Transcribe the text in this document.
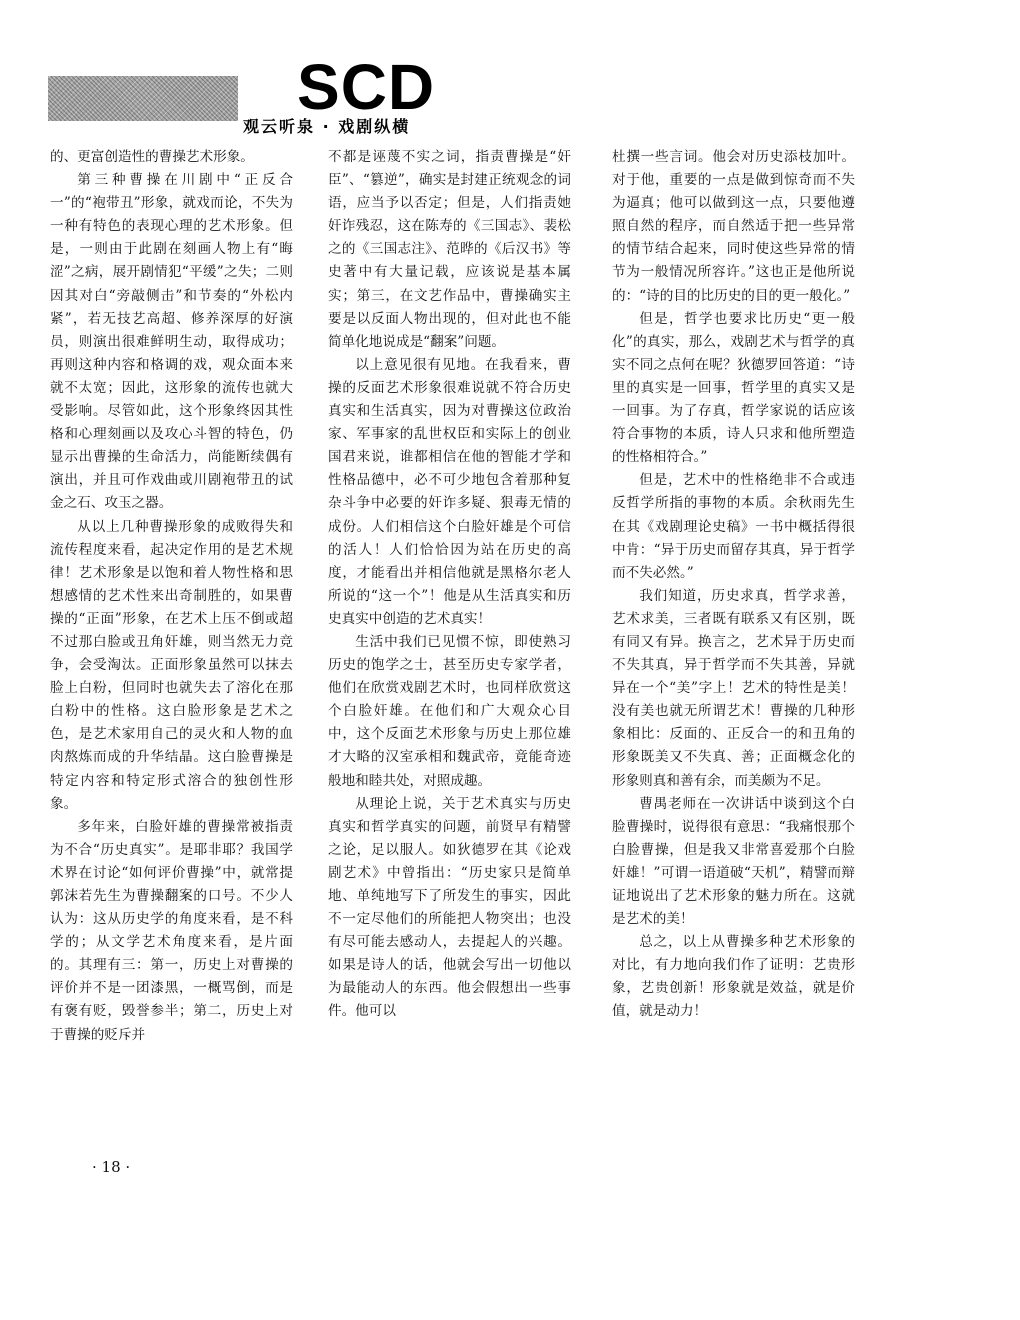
SCD
观云听泉 · 戏剧纵横

的、更富创造性的曹操艺术形象。

第三种曹操在川剧中“正反合一”的“袍带丑”形象，就戏而论，不失为一种有特色的表现心理的艺术形象。但是，一则由于此剧在刻画人物上有“晦涩”之病，展开剧情犯“平缓”之失；二则因其对白“旁敲侧击”和节奏的“外松内紧”，若无技艺高超、修养深厚的好演员，则演出很难鲜明生动，取得成功；再则这种内容和格调的戏，观众面本来就不太宽；因此，这形象的流传也就大受影响。尽管如此，这个形象终因其性格和心理刻画以及攻心斗智的特色，仍显示出曹操的生命活力，尚能断续偶有演出，并且可作戏曲或川剧袍带丑的试金之石、攻玉之器。

从以上几种曹操形象的成败得失和流传程度来看，起决定作用的是艺术规律！艺术形象是以饱和着人物性格和思想感情的艺术性来出奇制胜的，如果曹操的“正面”形象，在艺术上压不倒或超不过那白脸或丑角奸雄，则当然无力竞争，会受淘汰。正面形象虽然可以抹去脸上白粉，但同时也就失去了溶化在那白粉中的性格。这白脸形象是艺术之色，是艺术家用自己的灵火和人物的血肉熬炼而成的升华结晶。这白脸曹操是特定内容和特定形式溶合的独创性形象。

多年来，白脸奸雄的曹操常被指责为不合“历史真实”。是耶非耶？我国学术界在讨论“如何评价曹操”中，就常提郭沫若先生为曹操翻案的口号。不少人认为：这从历史学的角度来看，是不科学的；从文学艺术角度来看，是片面的。其理有三：第一，历史上对曹操的评价并不是一团漆黑，一概骂倒，而是有褒有贬，毁誉参半；第二，历史上对于曹操的贬斥并

不都是诬蔑不实之词，指责曹操是“奸臣”、“篡逆”，确实是封建正统观念的词语，应当予以否定；但是，人们指责她奸诈残忍，这在陈寿的《三国志》、裴松之的《三国志注》、范晔的《后汉书》等史著中有大量记载，应该说是基本属实；第三，在文艺作品中，曹操确实主要是以反面人物出现的，但对此也不能简单化地说成是“翻案”问题。

以上意见很有见地。在我看来，曹操的反面艺术形象很难说就不符合历史真实和生活真实，因为对曹操这位政治家、军事家的乱世权臣和实际上的创业国君来说，谁都相信在他的智能才学和性格品德中，必不可少地包含着那种复杂斗争中必要的奸诈多疑、狠毒无情的成份。人们相信这个白脸奸雄是个可信的活人！人们恰恰因为站在历史的高度，才能看出并相信他就是黑格尔老人所说的“这一个”！他是从生活真实和历史真实中创造的艺术真实！

生活中我们已见惯不惊，即使熟习历史的饱学之士，甚至历史专家学者，他们在欣赏戏剧艺术时，也同样欣赏这个白脸奸雄。在他们和广大观众心目中，这个反面艺术形象与历史上那位雄才大略的汉室承相和魏武帝，竟能奇迹般地和睦共处，对照成趣。

从理论上说，关于艺术真实与历史真实和哲学真实的问题，前贤早有精譬之论，足以服人。如狄德罗在其《论戏剧艺术》中曾指出：“历史家只是简单地、单纯地写下了所发生的事实，因此不一定尽他们的所能把人物突出；也没有尽可能去感动人，去提起人的兴趣。如果是诗人的话，他就会写出一切他以为最能动人的东西。他会假想出一些事件。他可以

杜撰一些言词。他会对历史添枝加叶。对于他，重要的一点是做到惊奇而不失为逼真；他可以做到这一点，只要他遵照自然的程序，而自然适于把一些异常的情节结合起来，同时使这些异常的情节为一般情况所容许。”这也正是他所说的：“诗的目的比历史的目的更一般化。”

但是，哲学也要求比历史“更一般化”的真实，那么，戏剧艺术与哲学的真实不同之点何在呢？狄德罗回答道：“诗里的真实是一回事，哲学里的真实又是一回事。为了存真，哲学家说的话应该符合事物的本质，诗人只求和他所塑造的性格相符合。”

但是，艺术中的性格绝非不合或违反哲学所指的事物的本质。余秋雨先生在其《戏剧理论史稿》一书中概括得很中肯：“异于历史而留存其真，异于哲学而不失必然。”

我们知道，历史求真，哲学求善，艺术求美，三者既有联系又有区别，既有同又有异。换言之，艺术异于历史而不失其真，异于哲学而不失其善，异就异在一个“美”字上！艺术的特性是美！没有美也就无所谓艺术！曹操的几种形象相比：反面的、正反合一的和丑角的形象既美又不失真、善；正面概念化的形象则真和善有余，而美颇为不足。

曹禺老师在一次讲话中谈到这个白脸曹操时，说得很有意思：“我痛恨那个白脸曹操，但是我又非常喜爱那个白脸奸雄！”可谓一语道破“天机”，精譬而辩证地说出了艺术形象的魅力所在。这就是艺术的美！

总之，以上从曹操多种艺术形象的对比，有力地向我们作了证明：艺贵形象，艺贵创新！形象就是效益，就是价值，就是动力！

· 18 ·
